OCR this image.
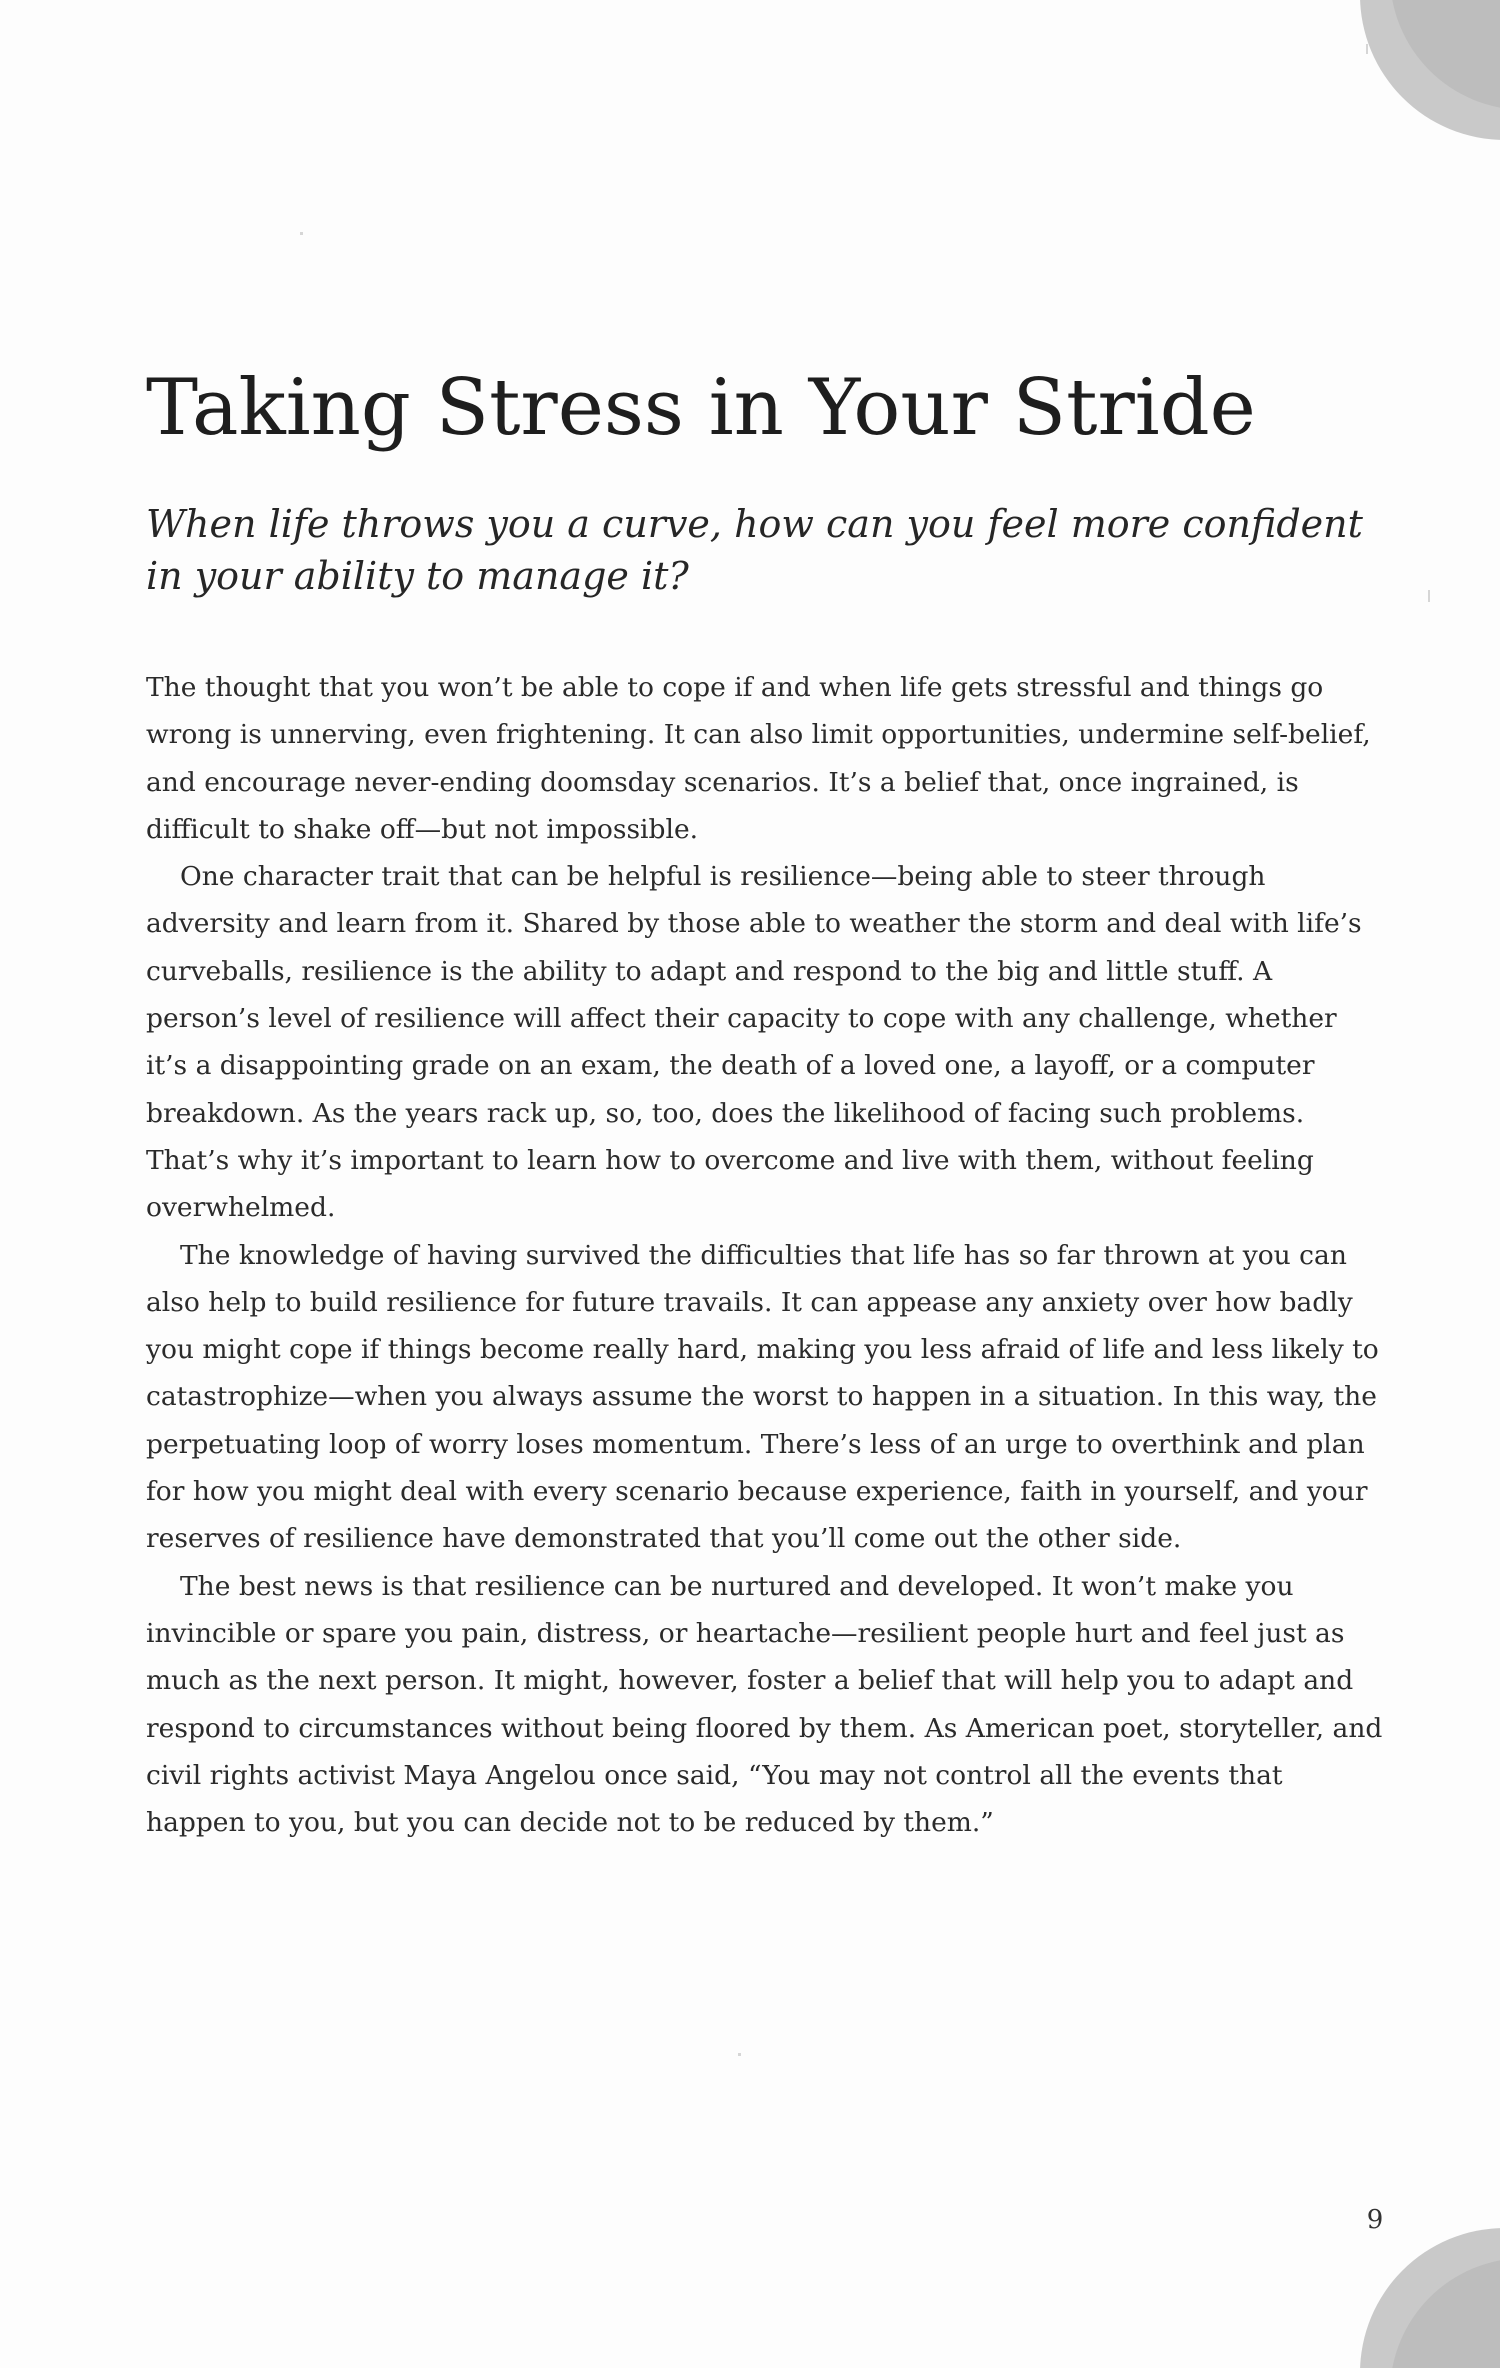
Taking Stress in Your Stride

When life throws you a curve, how can you feel more confident in your ability to manage it?

The thought that you won’t be able to cope if and when life gets stressful and things go wrong is unnerving, even frightening. It can also limit opportunities, undermine self-belief, and encourage never-ending doomsday scenarios. It’s a belief that, once ingrained, is difficult to shake off—but not impossible.

One character trait that can be helpful is resilience—being able to steer through adversity and learn from it. Shared by those able to weather the storm and deal with life’s curveballs, resilience is the ability to adapt and respond to the big and little stuff. A person’s level of resilience will affect their capacity to cope with any challenge, whether it’s a disappointing grade on an exam, the death of a loved one, a layoff, or a computer breakdown. As the years rack up, so, too, does the likelihood of facing such problems. That’s why it’s important to learn how to overcome and live with them, without feeling overwhelmed.

The knowledge of having survived the difficulties that life has so far thrown at you can also help to build resilience for future travails. It can appease any anxiety over how badly you might cope if things become really hard, making you less afraid of life and less likely to catastrophize—when you always assume the worst to happen in a situation. In this way, the perpetuating loop of worry loses momentum. There’s less of an urge to overthink and plan for how you might deal with every scenario because experience, faith in yourself, and your reserves of resilience have demonstrated that you’ll come out the other side.

The best news is that resilience can be nurtured and developed. It won’t make you invincible or spare you pain, distress, or heartache—resilient people hurt and feel just as much as the next person. It might, however, foster a belief that will help you to adapt and respond to circumstances without being floored by them. As American poet, storyteller, and civil rights activist Maya Angelou once said, “You may not control all the events that happen to you, but you can decide not to be reduced by them.”

9
